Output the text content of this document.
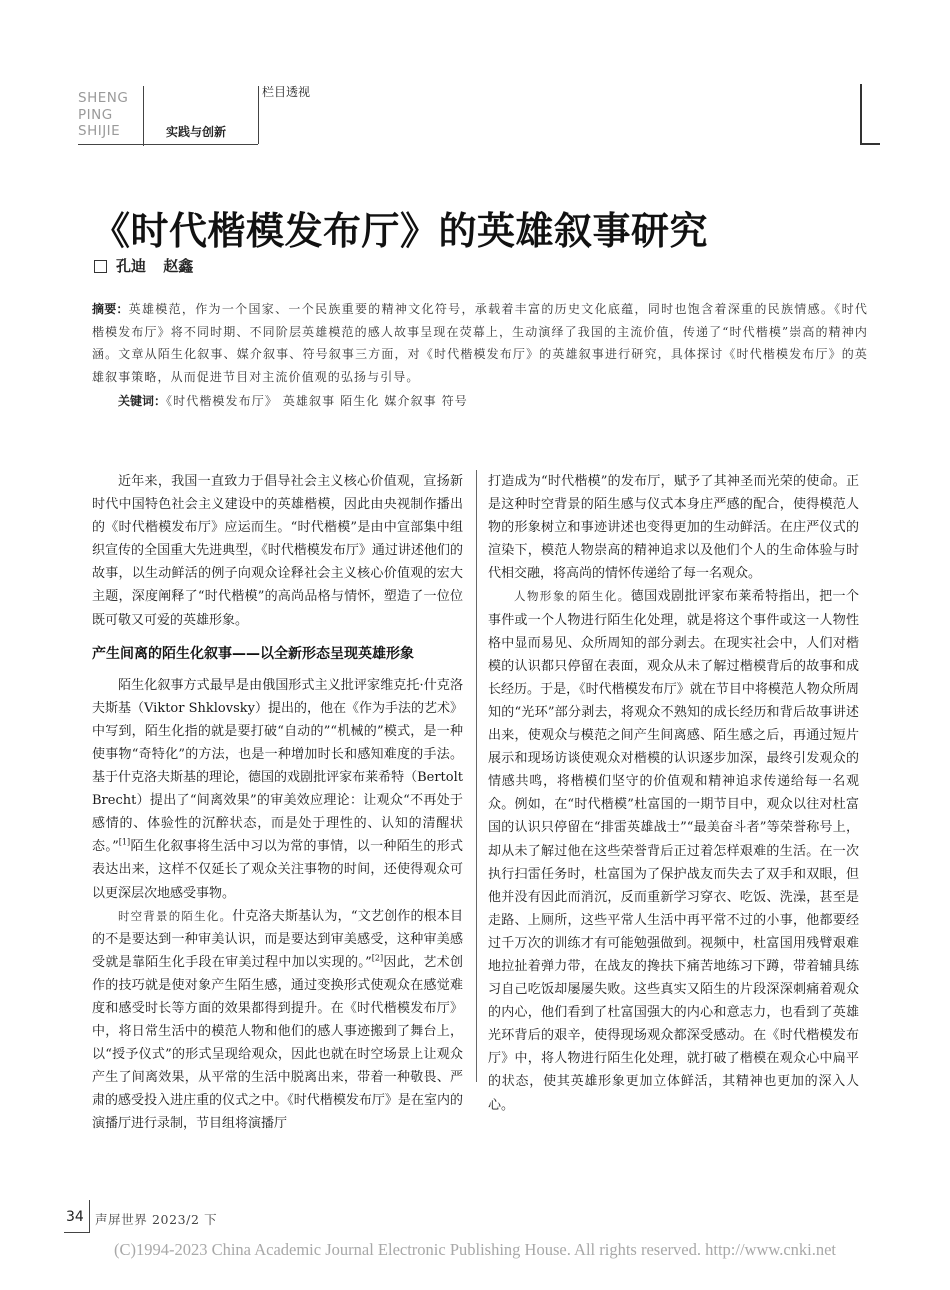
SHENG
PING
SHIJIE	实践与创新
栏目透视
《时代楷模发布厅》的英雄叙事研究
孔迪 赵鑫
摘要：英雄模范，作为一个国家、一个民族重要的精神文化符号，承载着丰富的历史文化底蕴，同时也饱含着深重的民族情感。《时代楷模发布厅》将不同时期、不同阶层英雄模范的感人故事呈现在荧幕上，生动演绎了我国的主流价值，传递了“时代楷模”崇高的精神内涵。文章从陌生化叙事、媒介叙事、符号叙事三方面，对《时代楷模发布厅》的英雄叙事进行研究，具体探讨《时代楷模发布厅》的英雄叙事策略，从而促进节目对主流价值观的弘扬与引导。
关键词：《时代楷模发布厅》 英雄叙事 陌生化 媒介叙事 符号

近年来，我国一直致力于倡导社会主义核心价值观，宣扬新时代中国特色社会主义建设中的英雄楷模，因此由央视制作播出的《时代楷模发布厅》应运而生。“时代楷模”是由中宣部集中组织宣传的全国重大先进典型，《时代楷模发布厅》通过讲述他们的故事，以生动鲜活的例子向观众诠释社会主义核心价值观的宏大主题，深度阐释了“时代楷模”的高尚品格与情怀，塑造了一位位既可敬又可爱的英雄形象。

产生间离的陌生化叙事——以全新形态呈现英雄形象

陌生化叙事方式最早是由俄国形式主义批评家维克托·什克洛夫斯基（Viktor Shklovsky）提出的，他在《作为手法的艺术》中写到，陌生化指的就是要打破“自动的”“机械的”模式，是一种使事物“奇特化”的方法，也是一种增加时长和感知难度的手法。基于什克洛夫斯基的理论，德国的戏剧批评家布莱希特（Bertolt Brecht）提出了“间离效果”的审美效应理论：让观众“不再处于感情的、体验性的沉醉状态，而是处于理性的、认知的清醒状态。”[1]陌生化叙事将生活中习以为常的事情，以一种陌生的形式表达出来，这样不仅延长了观众关注事物的时间，还使得观众可以更深层次地感受事物。

时空背景的陌生化。什克洛夫斯基认为，“文艺创作的根本目的不是要达到一种审美认识，而是要达到审美感受，这种审美感受就是靠陌生化手段在审美过程中加以实现的。”[2]因此，艺术创作的技巧就是使对象产生陌生感，通过变换形式使观众在感觉难度和感受时长等方面的效果都得到提升。在《时代楷模发布厅》中，将日常生活中的模范人物和他们的感人事迹搬到了舞台上，以“授予仪式”的形式呈现给观众，因此也就在时空场景上让观众产生了间离效果，从平常的生活中脱离出来，带着一种敬畏、严肃的感受投入进庄重的仪式之中。《时代楷模发布厅》是在室内的演播厅进行录制，节目组将演播厅

打造成为“时代楷模”的发布厅，赋予了其神圣而光荣的使命。正是这种时空背景的陌生感与仪式本身庄严感的配合，使得模范人物的形象树立和事迹讲述也变得更加的生动鲜活。在庄严仪式的渲染下，模范人物崇高的精神追求以及他们个人的生命体验与时代相交融，将高尚的情怀传递给了每一名观众。

人物形象的陌生化。德国戏剧批评家布莱希特指出，把一个事件或一个人物进行陌生化处理，就是将这个事件或这一人物性格中显而易见、众所周知的部分剥去。在现实社会中，人们对楷模的认识都只停留在表面，观众从未了解过楷模背后的故事和成长经历。于是，《时代楷模发布厅》就在节目中将模范人物众所周知的“光环”部分剥去，将观众不熟知的成长经历和背后故事讲述出来，使观众与模范之间产生间离感、陌生感之后，再通过短片展示和现场访谈使观众对楷模的认识逐步加深，最终引发观众的情感共鸣，将楷模们坚守的价值观和精神追求传递给每一名观众。例如，在“时代楷模”杜富国的一期节目中，观众以往对杜富国的认识只停留在“排雷英雄战士”“最美奋斗者”等荣誉称号上，却从未了解过他在这些荣誉背后正过着怎样艰难的生活。在一次执行扫雷任务时，杜富国为了保护战友而失去了双手和双眼，但他并没有因此而消沉，反而重新学习穿衣、吃饭、洗澡，甚至是走路、上厕所，这些平常人生活中再平常不过的小事，他都要经过千万次的训练才有可能勉强做到。视频中，杜富国用残臂艰难地拉扯着弹力带，在战友的搀扶下痛苦地练习下蹲，带着辅具练习自己吃饭却屡屡失败。这些真实又陌生的片段深深刺痛着观众的内心，他们看到了杜富国强大的内心和意志力，也看到了英雄光环背后的艰辛，使得现场观众都深受感动。在《时代楷模发布厅》中，将人物进行陌生化处理，就打破了楷模在观众心中扁平的状态，使其英雄形象更加立体鲜活，其精神也更加的深入人心。

34 声屏世界 2023/2 下
(C)1994-2023 China Academic Journal Electronic Publishing House. All rights reserved. http://www.cnki.net
